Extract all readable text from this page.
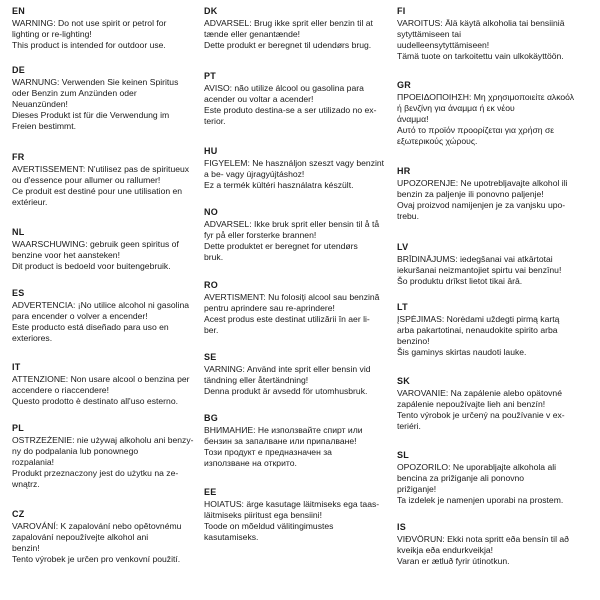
EN
WARNING: Do not use spirit or petrol for
lighting or re-lighting!
This product is intended for outdoor use.
DE
WARNUNG: Verwenden Sie keinen Spiritus
oder Benzin zum Anzünden oder
Neuanzünden!
Dieses Produkt ist für die Verwendung im
Freien bestimmt.
FR
AVERTISSEMENT: N'utilisez pas de spiritueux
ou d'essence pour allumer ou rallumer!
Ce produit est destiné pour une utilisation en
extérieur.
NL
WAARSCHUWING: gebruik geen spiritus of
benzine voor het aansteken!
Dit product is bedoeld voor buitengebruik.
ES
ADVERTENCIA: ¡No utilice alcohol ni gasolina
para encender o volver a encender!
Este producto está diseñado para uso en
exteriores.
IT
ATTENZIONE: Non usare alcool o benzina per
accendere o riaccendere!
Questo prodotto è destinato all'uso esterno.
PL
OSTRZEŻENIE: nie używaj alkoholu ani benzy-
ny do podpalania lub ponownego
rozpalania!
Produkt przeznaczony jest do użytku na ze-
wnątrz.
CZ
VAROVÁNÍ: K zapalování nebo opětovnému
zapalování nepoužívejte alkohol ani
benzin!
Tento výrobek je určen pro venkovní použití.
DK
ADVARSEL: Brug ikke sprit eller benzin til at
tænde eller genantænde!
Dette produkt er beregnet til udendørs brug.
PT
AVISO: não utilize álcool ou gasolina para
acender ou voltar a acender!
Este produto destina-se a ser utilizado no ex-
terior.
HU
FIGYELEM: Ne használjon szeszt vagy benzint
a be- vagy újragyújtáshoz!
Ez a termék kültéri használatra készült.
NO
ADVARSEL: Ikke bruk sprit eller bensin til å tå
fyr på eller forsterke brannen!
Dette produktet er beregnet for utendørs
bruk.
RO
AVERTISMENT: Nu folosiți alcool sau benzină
pentru aprindere sau re-aprindere!
Acest produs este destinat utilizării în aer li-
ber.
SE
VARNING: Använd inte sprit eller bensin vid
tändning eller återtändning!
Denna produkt är avsedd för utomhusbruk.
BG
ВНИМАНИЕ: Не използвайте спирт или
бензин за запалване или припалване!
Този продукт е предназначен за
използване на открито.
EE
HOIATUS: ärge kasutage läitmiseks ega taas-
läitmiseks piiritust ega bensiini!
Toode on mõeldud välitingimustes
kasutamiseks.
FI
VAROITUS: Älä käytä alkoholia tai bensiiniä
sytyttämiseen tai
uudelleensytyttämiseen!
Tämä tuote on tarkoitettu vain ulkokäyttöön.
GR
ΠΡΟΕΙΔΟΠΟΙΗΣΗ: Μη χρησιμοποιείτε αλκοόλ
ή βενζίνη για άναμμα ή εκ νέου
άναμμα!
Αυτό το προϊόν προορίζεται για χρήση σε
εξωτερικούς χώρους.
HR
UPOZORENJE: Ne upotrebljavajte alkohol ili
benzin za paljenje ili ponovno paljenje!
Ovaj proizvod namijenjen je za vanjsku upo-
trebu.
LV
BRĪDINĀJUMS: iedegšanai vai atkārtotai
iekuršanai neizmantojiet spirtu vai benzīnu!
Šo produktu drīkst lietot tikai ārā.
LT
ĮSPĖJIMAS: Norėdami uždegti pirmą kartą
arba pakartotinai, nenaudokite spirito arba
benzino!
Šis gaminys skirtas naudoti lauke.
SK
VAROVANIE: Na zapálenie alebo opätovné
zapálenie nepoužívajte lieh ani benzín!
Tento výrobok je určený na používanie v ex-
teriéri.
SL
OPOZORILO: Ne uporabljajte alkohola ali
bencina za prižiganje ali ponovno
prižiganje!
Ta izdelek je namenjen uporabi na prostem.
IS
VIÐVÖRUN: Ekki nota spritt eða bensín til að
kveikja eða endurkveikja!
Varan er ætluð fyrir útinotkun.
